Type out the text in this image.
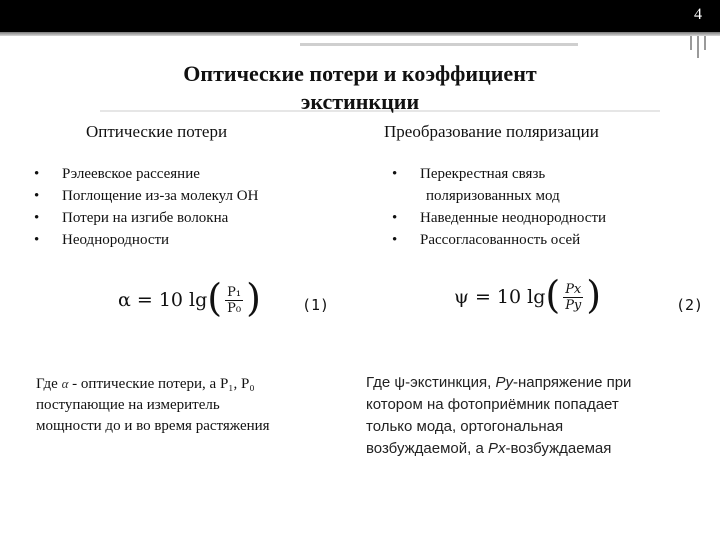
4
Оптические потери и коэффициент
экстинкции
Оптические потери
• Рэлеевское рассеяние
• Поглощение из-за молекул ОН
• Потери на изгибе волокна
• Неоднородности
α = 10 lg ( $\frac{\text{P₁}}{\text{P₀}}$ )	(1)
Где α - оптические потери, а P₁, P₀
поступающие на измеритель
мощности до и во время растяжения
Преобразование поляризации
• Перекрестная связь
поляризованных мод
• Наведенные неоднородности
• Рассогласованность осей
ψ = 10 lg ( $\frac{Px}{Py}$ )	(2)
Где ψ-экстинкция, Py-напряжение при
котором на фотоприёмник попадает
только мода, ортогональная
возбуждаемой, а Px-возбуждаемая
